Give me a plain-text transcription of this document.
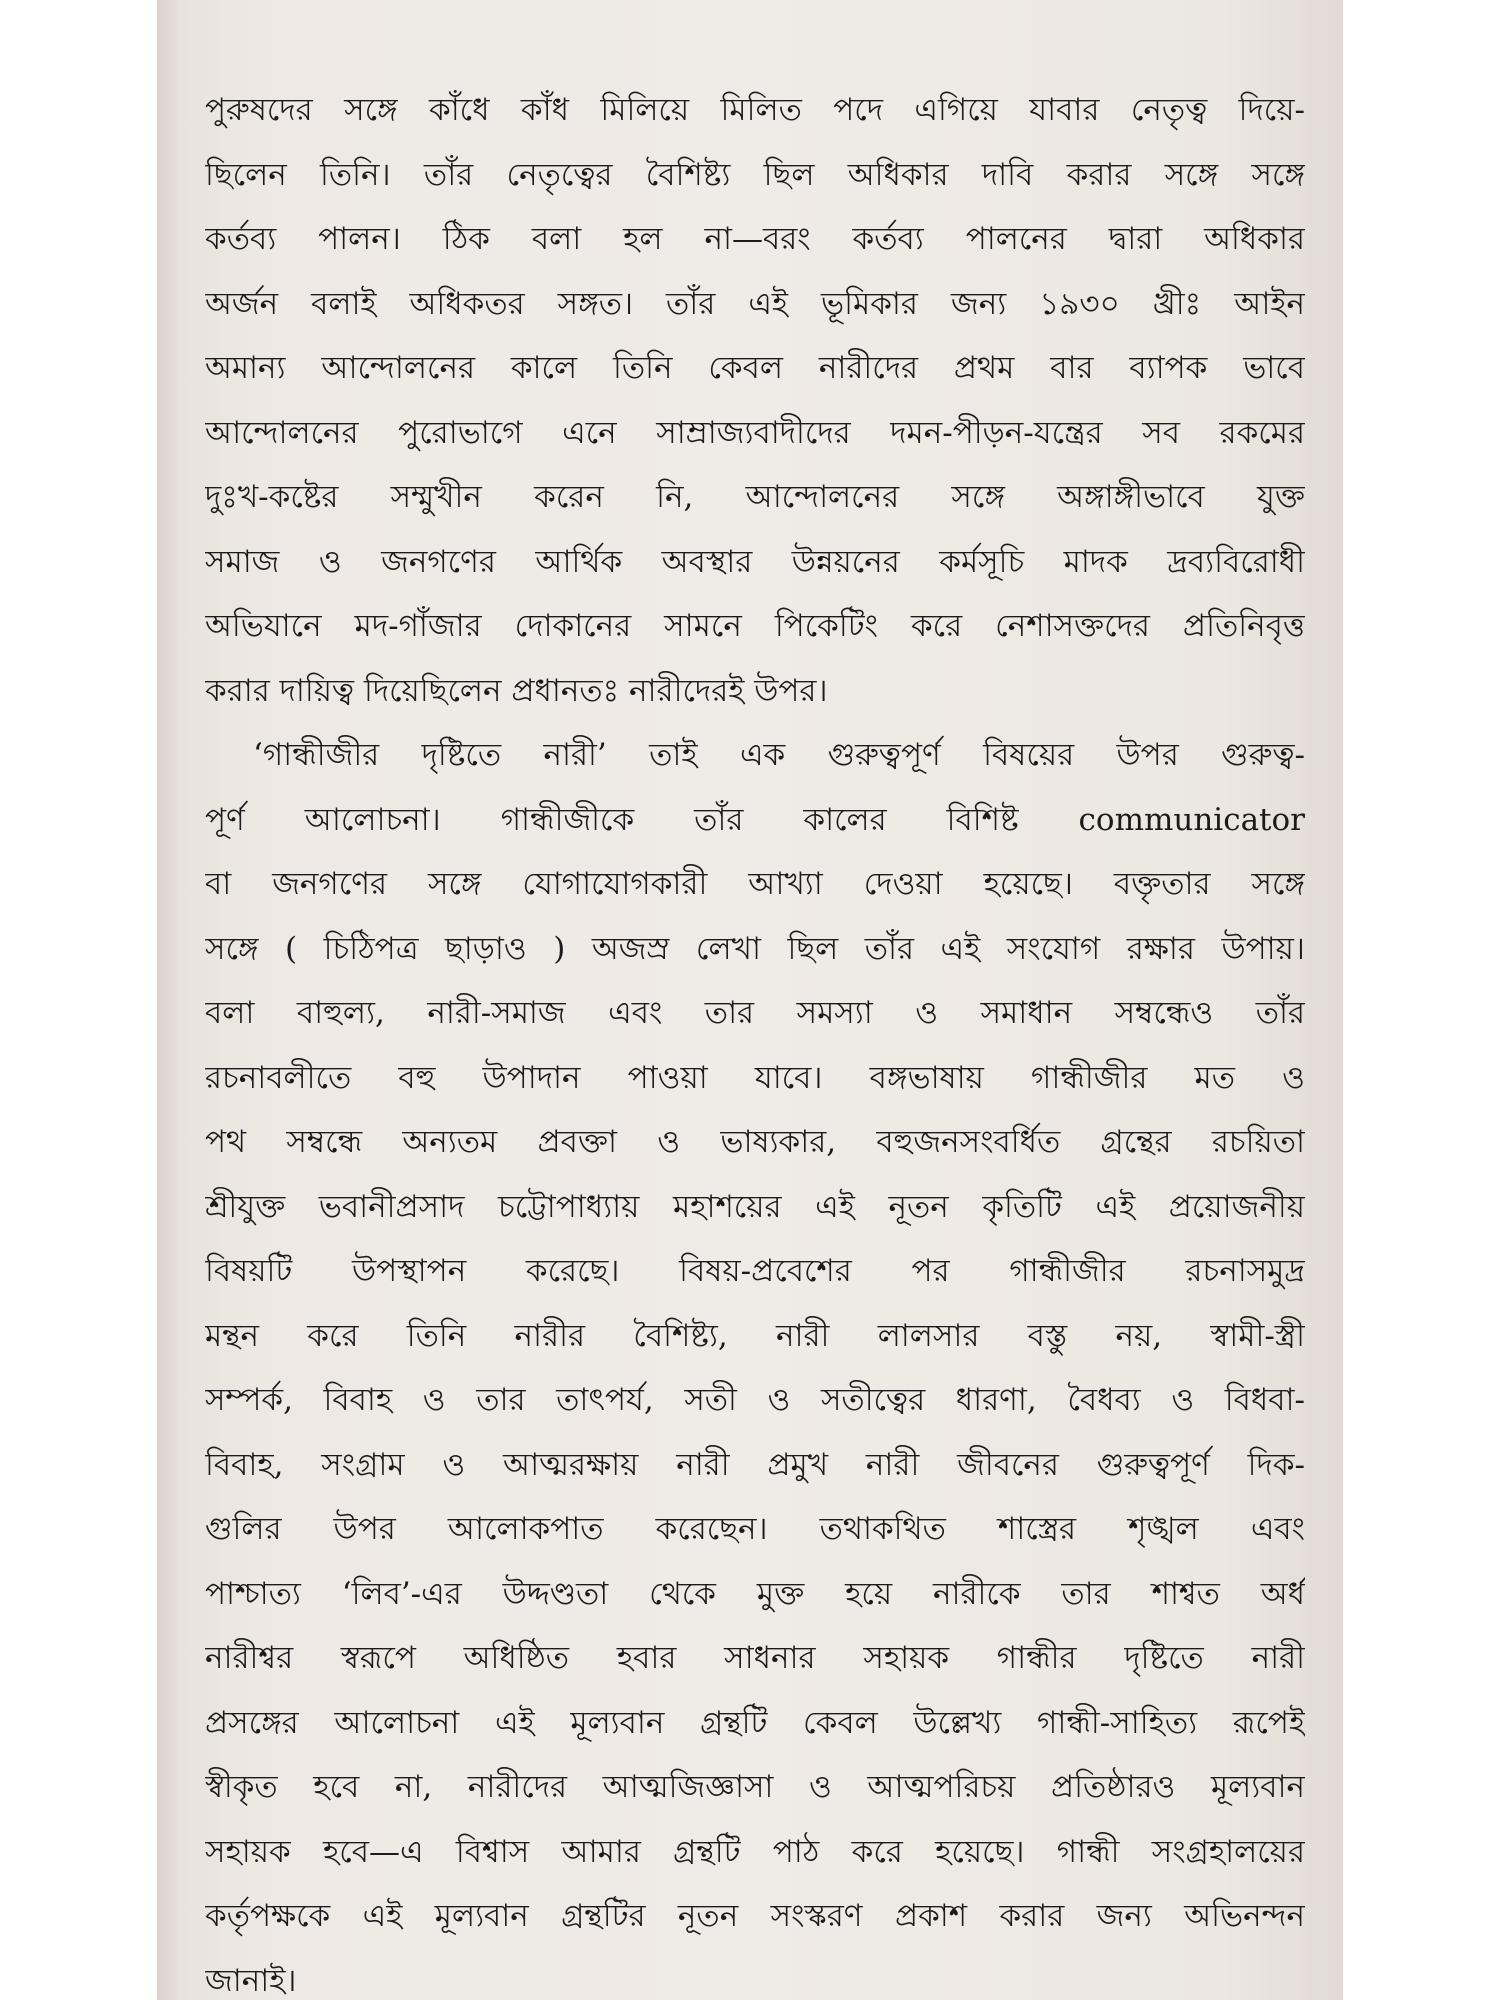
পুরুষদের সঙ্গে কাঁধে কাঁধ মিলিয়ে মিলিত পদে এগিয়ে যাবার নেতৃত্ব দিয়ে-
ছিলেন তিনি। তাঁর নেতৃত্বের বৈশিষ্ট্য ছিল অধিকার দাবি করার সঙ্গে সঙ্গে
কর্তব্য পালন। ঠিক বলা হল না—বরং কর্তব্য পালনের দ্বারা অধিকার
অর্জন বলাই অধিকতর সঙ্গত। তাঁর এই ভূমিকার জন্য ১৯৩০ খ্রীঃ আইন
অমান্য আন্দোলনের কালে তিনি কেবল নারীদের প্রথম বার ব্যাপক ভাবে
আন্দোলনের পুরোভাগে এনে সাম্রাজ্যবাদীদের দমন-পীড়ন-যন্ত্রের সব রকমের
দুঃখ-কষ্টের সম্মুখীন করেন নি, আন্দোলনের সঙ্গে অঙ্গাঙ্গীভাবে যুক্ত
সমাজ ও জনগণের আর্থিক অবস্থার উন্নয়নের কর্মসূচি মাদক দ্রব্যবিরোধী
অভিযানে মদ-গাঁজার দোকানের সামনে পিকেটিং করে নেশাসক্তদের প্রতিনিবৃত্ত
করার দায়িত্ব দিয়েছিলেন প্রধানতঃ নারীদেরই উপর।
‘গান্ধীজীর দৃষ্টিতে নারী’ তাই এক গুরুত্বপূর্ণ বিষয়ের উপর গুরুত্ব-
পূর্ণ আলোচনা। গান্ধীজীকে তাঁর কালের বিশিষ্ট communicator
বা জনগণের সঙ্গে যোগাযোগকারী আখ্যা দেওয়া হয়েছে। বক্তৃতার সঙ্গে
সঙ্গে ( চিঠিপত্র ছাড়াও ) অজস্র লেখা ছিল তাঁর এই সংযোগ রক্ষার উপায়।
বলা বাহুল্য, নারী-সমাজ এবং তার সমস্যা ও সমাধান সম্বন্ধেও তাঁর
রচনাবলীতে বহু উপাদান পাওয়া যাবে। বঙ্গভাষায় গান্ধীজীর মত ও
পথ সম্বন্ধে অন্যতম প্রবক্তা ও ভাষ্যকার, বহুজনসংবর্ধিত গ্রন্থের রচয়িতা
শ্রীযুক্ত ভবানীপ্রসাদ চট্টোপাধ্যায় মহাশয়ের এই নূতন কৃতিটি এই প্রয়োজনীয়
বিষয়টি উপস্থাপন করেছে। বিষয়-প্রবেশের পর গান্ধীজীর রচনাসমুদ্র
মন্থন করে তিনি নারীর বৈশিষ্ট্য, নারী লালসার বস্তু নয়, স্বামী-স্ত্রী
সম্পর্ক, বিবাহ ও তার তাৎপর্য, সতী ও সতীত্বের ধারণা, বৈধব্য ও বিধবা-
বিবাহ, সংগ্রাম ও আত্মরক্ষায় নারী প্রমুখ নারী জীবনের গুরুত্বপূর্ণ দিক-
গুলির উপর আলোকপাত করেছেন। তথাকথিত শাস্ত্রের শৃঙ্খল এবং
পাশ্চাত্য ‘লিব’-এর উদ্দণ্ডতা থেকে মুক্ত হয়ে নারীকে তার শাশ্বত অর্ধ
নারীশ্বর স্বরূপে অধিষ্ঠিত হবার সাধনার সহায়ক গান্ধীর দৃষ্টিতে নারী
প্রসঙ্গের আলোচনা এই মূল্যবান গ্রন্থটি কেবল উল্লেখ্য গান্ধী-সাহিত্য রূপেই
স্বীকৃত হবে না, নারীদের আত্মজিজ্ঞাসা ও আত্মপরিচয় প্রতিষ্ঠারও মূল্যবান
সহায়ক হবে—এ বিশ্বাস আমার গ্রন্থটি পাঠ করে হয়েছে। গান্ধী সংগ্রহালয়ের
কর্তৃপক্ষকে এই মূল্যবান গ্রন্থটির নূতন সংস্করণ প্রকাশ করার জন্য অভিনন্দন
জানাই।
